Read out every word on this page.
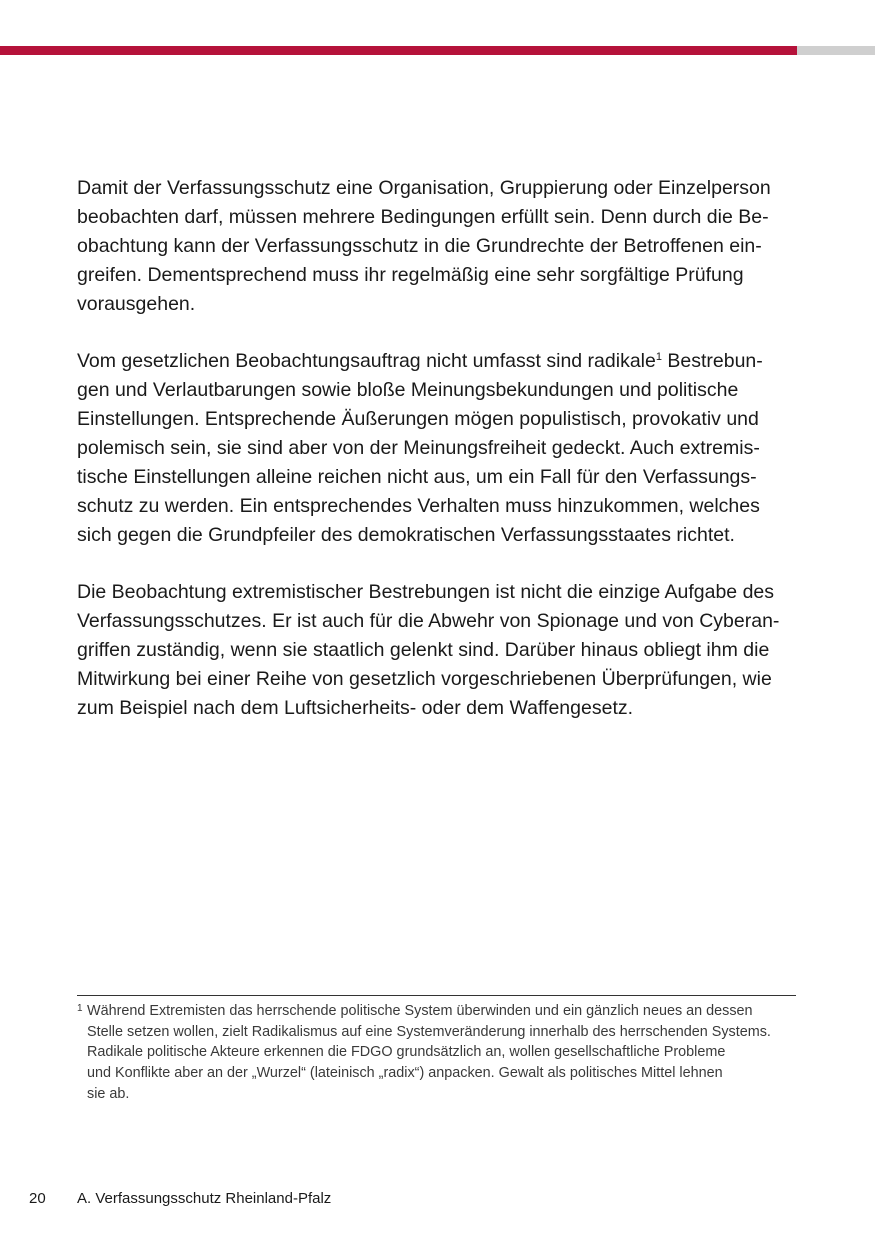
Damit der Verfassungsschutz eine Organisation, Gruppierung oder Einzelperson
beobachten darf, müssen mehrere Bedingungen erfüllt sein. Denn durch die Be-
obachtung kann der Verfassungsschutz in die Grundrechte der Betroffenen ein-
greifen. Dementsprechend muss ihr regelmäßig eine sehr sorgfältige Prüfung
vorausgehen.

Vom gesetzlichen Beobachtungsauftrag nicht umfasst sind radikale$^1$ Bestrebun-
gen und Verlautbarungen sowie bloße Meinungsbekundungen und politische
Einstellungen. Entsprechende Äußerungen mögen populistisch, provokativ und
polemisch sein, sie sind aber von der Meinungsfreiheit gedeckt. Auch extremis-
tische Einstellungen alleine reichen nicht aus, um ein Fall für den Verfassungs-
schutz zu werden. Ein entsprechendes Verhalten muss hinzukommen, welches
sich gegen die Grundpfeiler des demokratischen Verfassungsstaates richtet.

Die Beobachtung extremistischer Bestrebungen ist nicht die einzige Aufgabe des
Verfassungsschutzes. Er ist auch für die Abwehr von Spionage und von Cyberan-
griffen zuständig, wenn sie staatlich gelenkt sind. Darüber hinaus obliegt ihm die
Mitwirkung bei einer Reihe von gesetzlich vorgeschriebenen Überprüfungen, wie
zum Beispiel nach dem Luftsicherheits- oder dem Waffengesetz.

1 Während Extremisten das herrschende politische System überwinden und ein gänzlich neues an dessen
Stelle setzen wollen, zielt Radikalismus auf eine Systemveränderung innerhalb des herrschenden Systems.
Radikale politische Akteure erkennen die FDGO grundsätzlich an, wollen gesellschaftliche Probleme
und Konflikte aber an der „Wurzel“ (lateinisch „radix“) anpacken. Gewalt als politisches Mittel lehnen
sie ab.
20 A. Verfassungsschutz Rheinland-Pfalz
